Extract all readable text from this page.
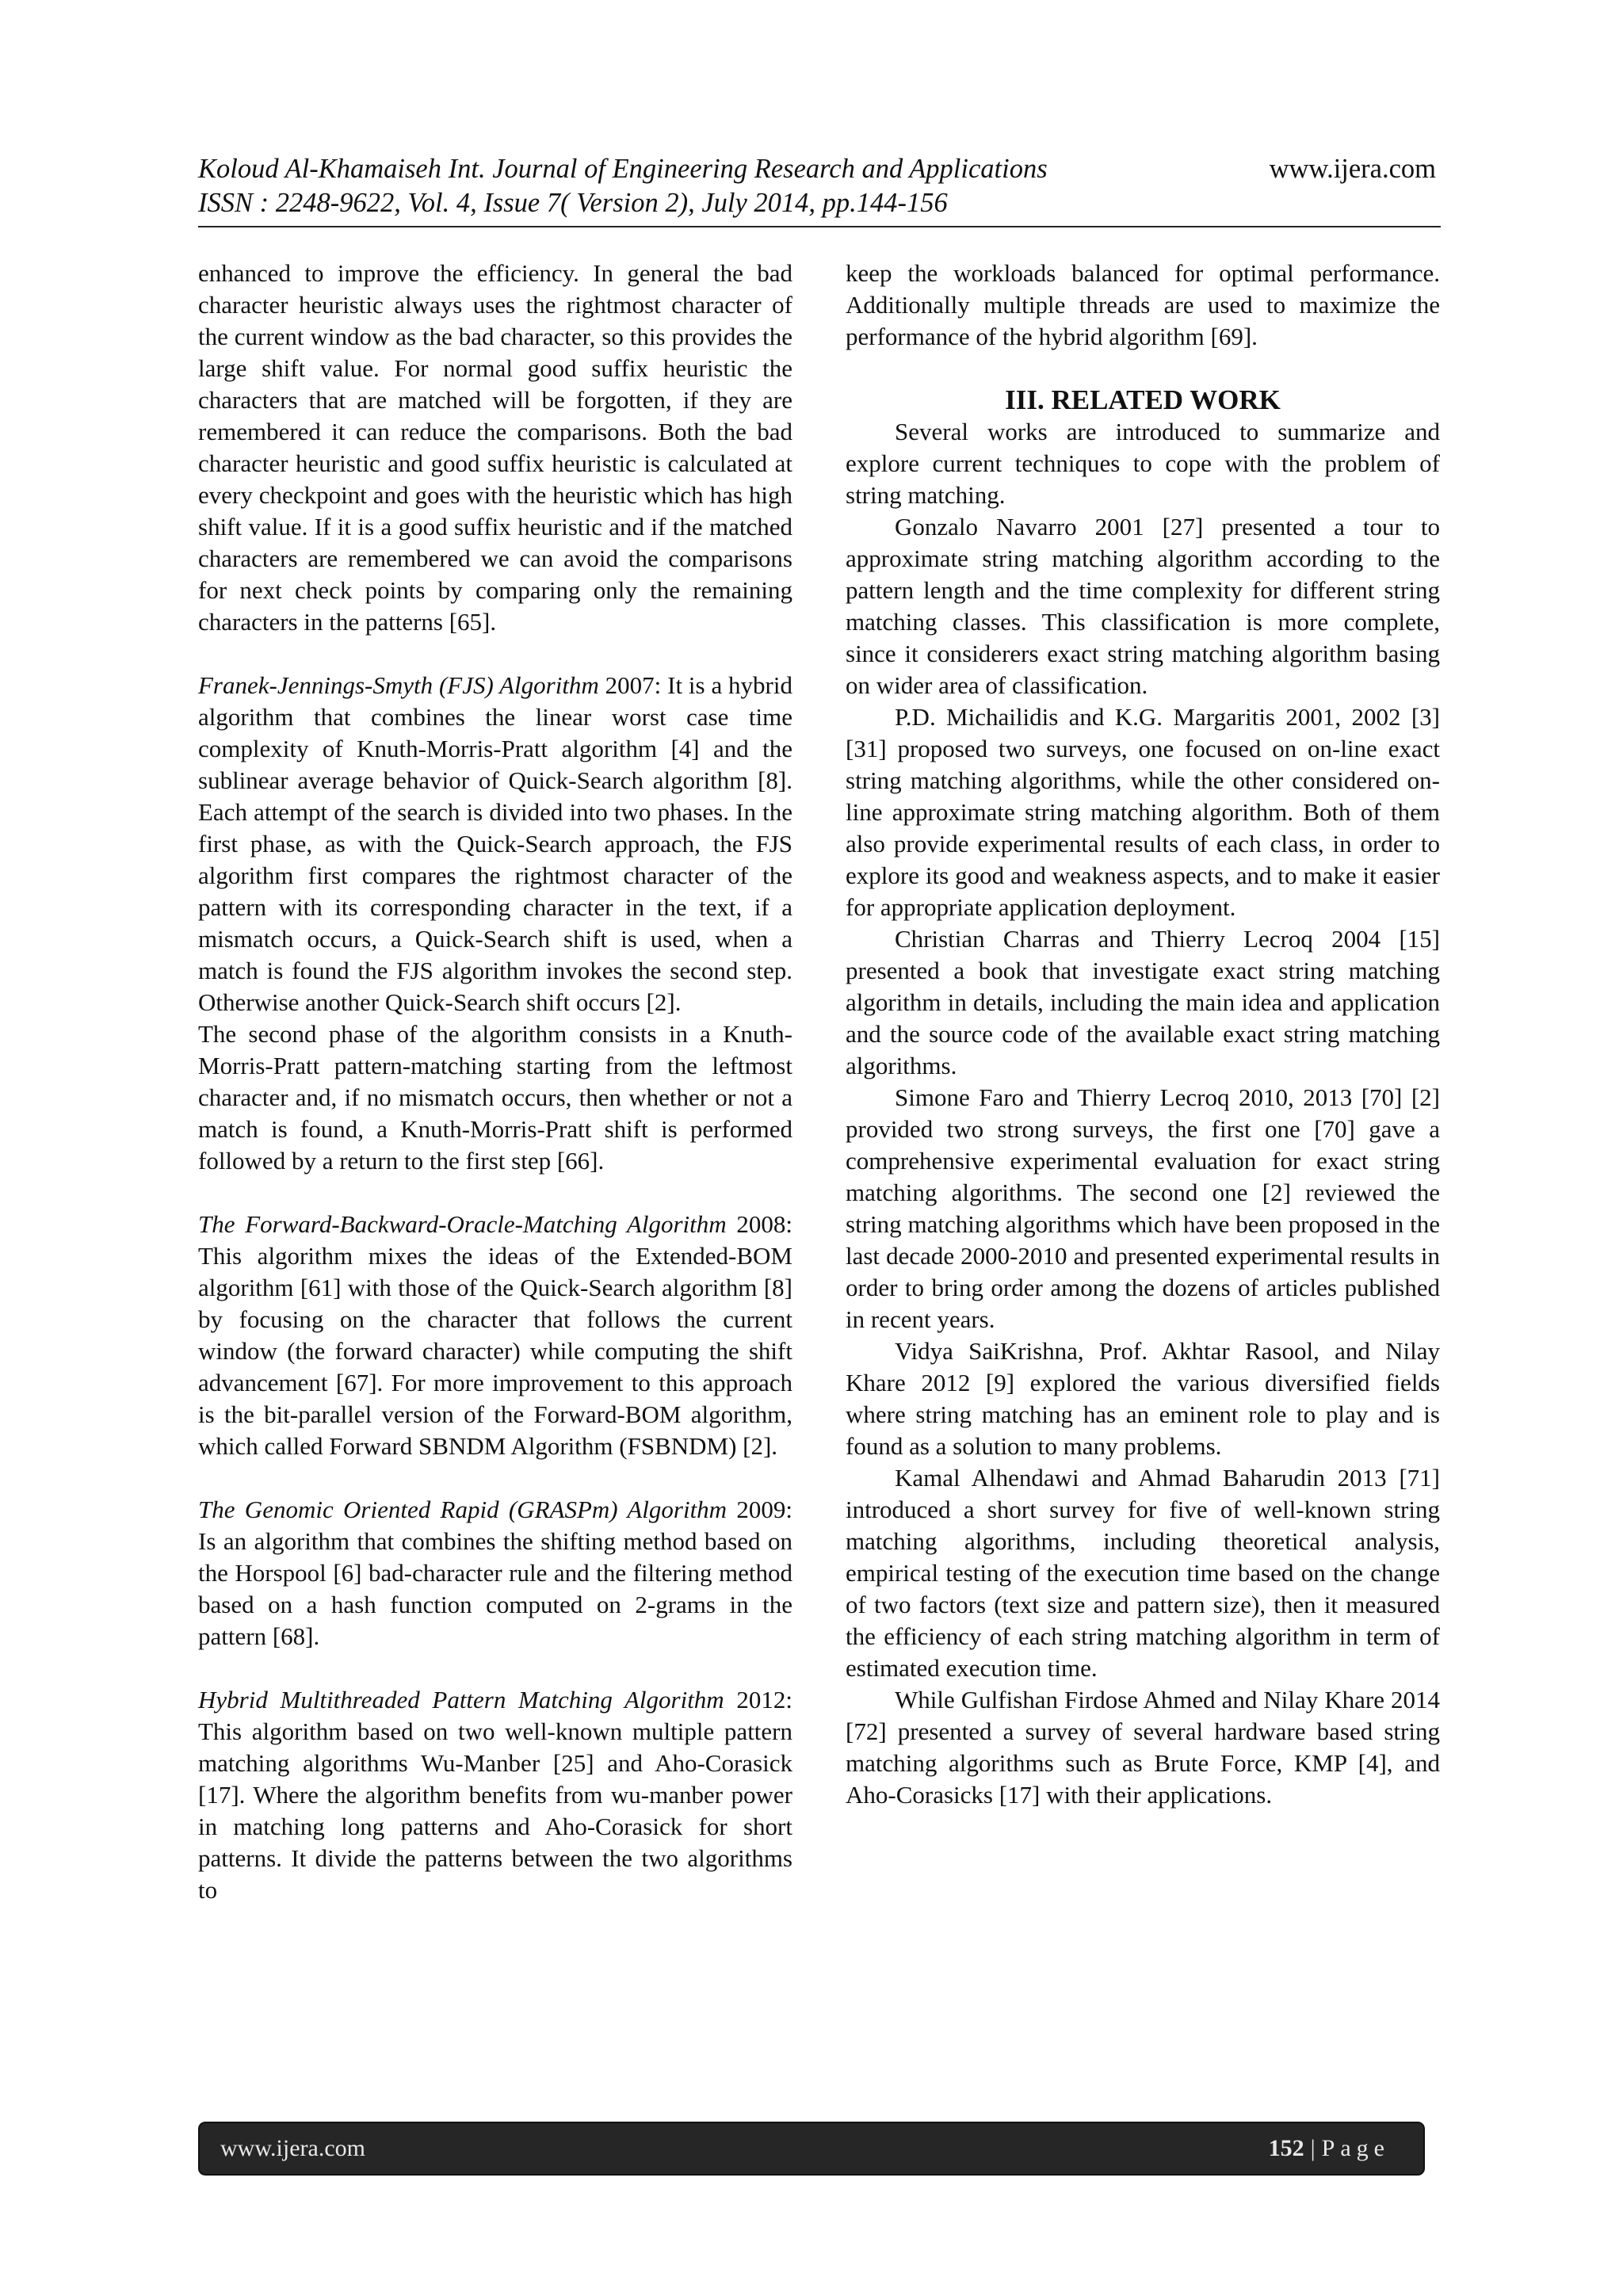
Koloud Al-Khamaiseh Int. Journal of Engineering Research and Applications
ISSN : 2248-9622, Vol. 4, Issue 7( Version 2), July 2014, pp.144-156
www.ijera.com

enhanced to improve the efficiency. In general the bad character heuristic always uses the rightmost character of the current window as the bad character, so this provides the large shift value. For normal good suffix heuristic the characters that are matched will be forgotten, if they are remembered it can reduce the comparisons. Both the bad character heuristic and good suffix heuristic is calculated at every checkpoint and goes with the heuristic which has high shift value. If it is a good suffix heuristic and if the matched characters are remembered we can avoid the comparisons for next check points by comparing only the remaining characters in the patterns [65].

Franek-Jennings-Smyth (FJS) Algorithm 2007: It is a hybrid algorithm that combines the linear worst case time complexity of Knuth-Morris-Pratt algorithm [4] and the sublinear average behavior of Quick-Search algorithm [8]. Each attempt of the search is divided into two phases. In the first phase, as with the Quick-Search approach, the FJS algorithm first compares the rightmost character of the pattern with its corresponding character in the text, if a mismatch occurs, a Quick-Search shift is used, when a match is found the FJS algorithm invokes the second step. Otherwise another Quick-Search shift occurs [2].

The second phase of the algorithm consists in a Knuth-Morris-Pratt pattern-matching starting from the leftmost character and, if no mismatch occurs, then whether or not a match is found, a Knuth-Morris-Pratt shift is performed followed by a return to the first step [66].

The Forward-Backward-Oracle-Matching Algorithm 2008: This algorithm mixes the ideas of the Extended-BOM algorithm [61] with those of the Quick-Search algorithm [8] by focusing on the character that follows the current window (the forward character) while computing the shift advancement [67]. For more improvement to this approach is the bit-parallel version of the Forward-BOM algorithm, which called Forward SBNDM Algorithm (FSBNDM) [2].

The Genomic Oriented Rapid (GRASPm) Algorithm 2009: Is an algorithm that combines the shifting method based on the Horspool [6] bad-character rule and the filtering method based on a hash function computed on 2-grams in the pattern [68].

Hybrid Multithreaded Pattern Matching Algorithm 2012: This algorithm based on two well-known multiple pattern matching algorithms Wu-Manber [25] and Aho-Corasick [17]. Where the algorithm benefits from wu-manber power in matching long patterns and Aho-Corasick for short patterns. It divide the patterns between the two algorithms to

keep the workloads balanced for optimal performance. Additionally multiple threads are used to maximize the performance of the hybrid algorithm [69].

III. RELATED WORK

Several works are introduced to summarize and explore current techniques to cope with the problem of string matching.

Gonzalo Navarro 2001 [27] presented a tour to approximate string matching algorithm according to the pattern length and the time complexity for different string matching classes. This classification is more complete, since it considerers exact string matching algorithm basing on wider area of classification.

P.D. Michailidis and K.G. Margaritis 2001, 2002 [3] [31] proposed two surveys, one focused on on-line exact string matching algorithms, while the other considered on-line approximate string matching algorithm. Both of them also provide experimental results of each class, in order to explore its good and weakness aspects, and to make it easier for appropriate application deployment.

Christian Charras and Thierry Lecroq 2004 [15] presented a book that investigate exact string matching algorithm in details, including the main idea and application and the source code of the available exact string matching algorithms.

Simone Faro and Thierry Lecroq 2010, 2013 [70] [2] provided two strong surveys, the first one [70] gave a comprehensive experimental evaluation for exact string matching algorithms. The second one [2] reviewed the string matching algorithms which have been proposed in the last decade 2000-2010 and presented experimental results in order to bring order among the dozens of articles published in recent years.

Vidya SaiKrishna, Prof. Akhtar Rasool, and Nilay Khare 2012 [9] explored the various diversified fields where string matching has an eminent role to play and is found as a solution to many problems.

Kamal Alhendawi and Ahmad Baharudin 2013 [71] introduced a short survey for five of well-known string matching algorithms, including theoretical analysis, empirical testing of the execution time based on the change of two factors (text size and pattern size), then it measured the efficiency of each string matching algorithm in term of estimated execution time.

While Gulfishan Firdose Ahmed and Nilay Khare 2014 [72] presented a survey of several hardware based string matching algorithms such as Brute Force, KMP [4], and Aho-Corasicks [17] with their applications.

www.ijera.com	152 | Page
